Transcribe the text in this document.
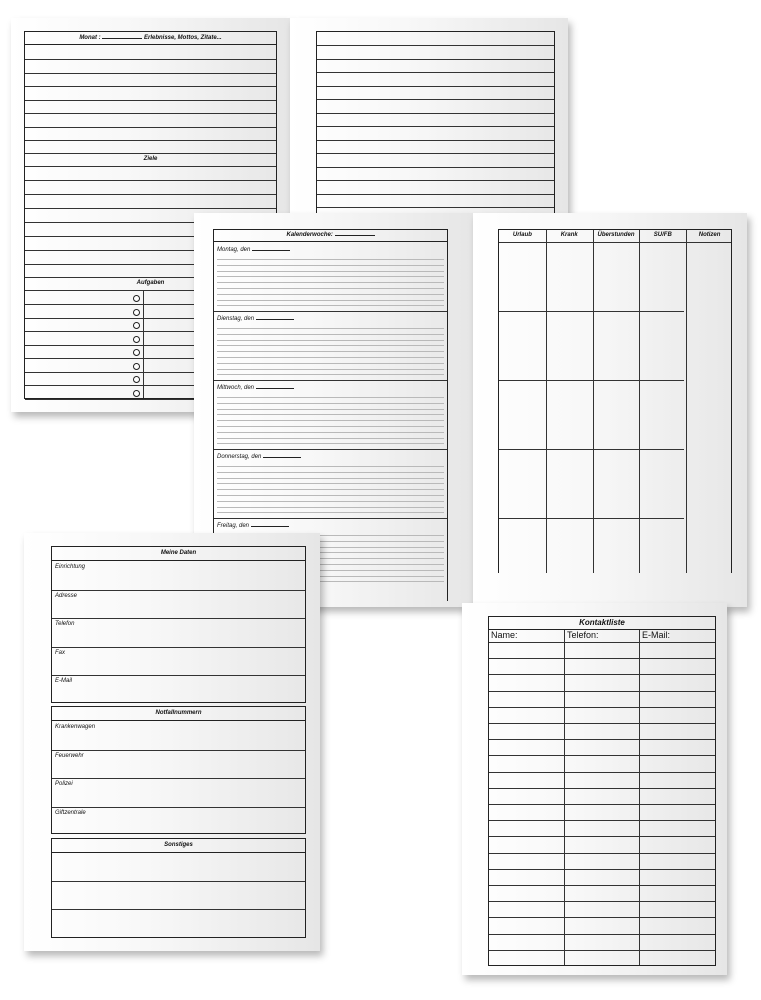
Monat :	Erlebnisse, Mottos, Zitate...
Ziele
Aufgaben
Kalenderwoche:
Montag, den
Dienstag, den
Mittwoch, den
Donnerstag, den
Freitag, den
Urlaub	Krank	Überstunden	SU/FB	Notizen
Meine Daten
Einrichtung
Adresse
Telefon
Fax
E-Mail
Notfallnummern
Krankenwagen
Feuerwehr
Polizei
Giftzentrale
Sonstiges
Kontaktliste
Name:	Telefon:	E-Mail:
